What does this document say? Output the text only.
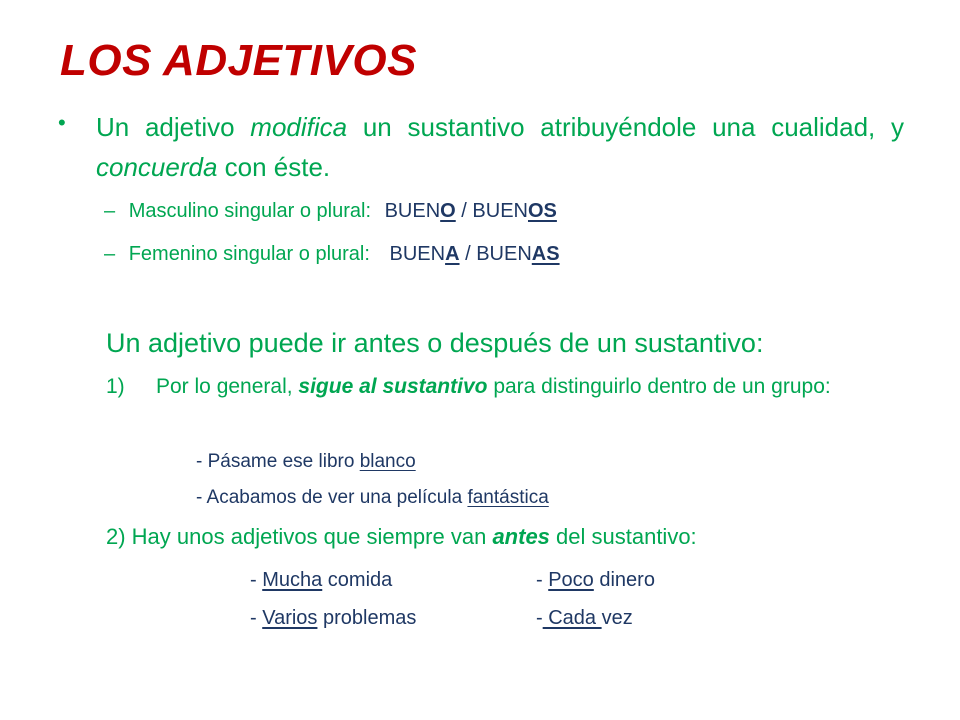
LOS ADJETIVOS
• Un adjetivo modifica un sustantivo atribuyéndole una cualidad, y concuerda con éste.
– Masculino singular o plural: BUENO / BUENOS
– Femenino singular o plural: BUENA / BUENAS
Un adjetivo puede ir antes o después de un sustantivo:
1) Por lo general, sigue al sustantivo para distinguirlo dentro de un grupo:
- Pásame ese libro blanco
- Acabamos de ver una película fantástica
2) Hay unos adjetivos que siempre van antes del sustantivo:
- Mucha comida	- Poco dinero
- Varios problemas	- Cada vez
